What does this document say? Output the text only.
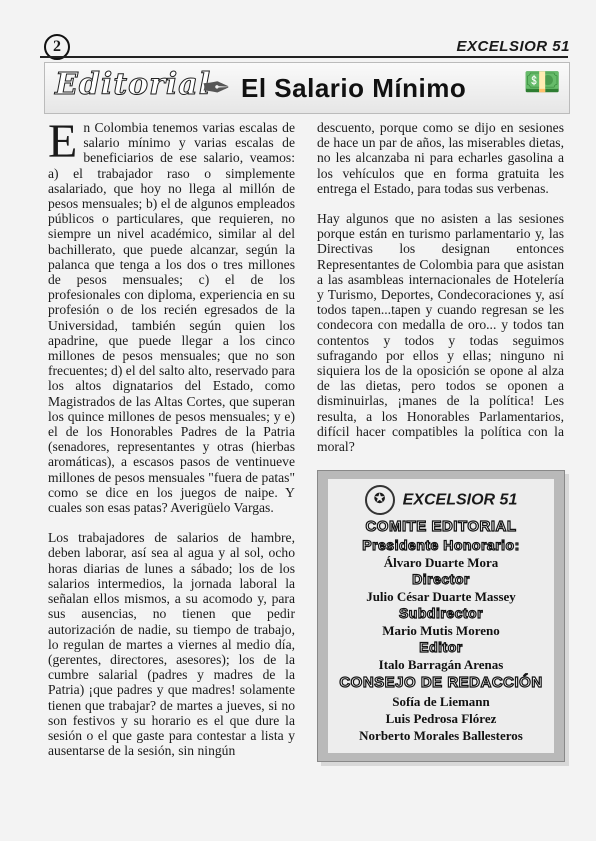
2	EXCELSIOR 51
Editorial
✒ El Salario Mínimo 💵

En Colombia tenemos varias escalas de salario mínimo y varias escalas de beneficiarios de ese salario, veamos: a) el trabajador raso o simplemente asalariado, que hoy no llega al millón de pesos mensuales; b) el de algunos empleados públicos o particulares, que requieren, no siempre un nivel académico, similar al del bachillerato, que puede alcanzar, según la palanca que tenga a los dos o tres millones de pesos mensuales; c) el de los profesionales con diploma, experiencia en su profesión o de los recién egresados de la Universidad, también según quien los apadrine, que puede llegar a los cinco millones de pesos mensuales; que no son frecuentes; d) el del salto alto, reservado para los altos dignatarios del Estado, como Magistrados de las Altas Cortes, que superan los quince millones de pesos mensuales; y e) el de los Honorables Padres de la Patria (senadores, representantes y otras (hierbas aromáticas), a escasos pasos de ventinueve millones de pesos mensuales "fuera de patas" como se dice en los juegos de naipe. Y cuales son esas patas? Averigüelo Vargas.

Los trabajadores de salarios de hambre, deben laborar, así sea al agua y al sol, ocho horas diarias de lunes a sábado; los de los salarios intermedios, la jornada laboral la señalan ellos mismos, a su acomodo y, para sus ausencias, no tienen que pedir autorización de nadie, su tiempo de trabajo, lo regulan de martes a viernes al medio día, (gerentes, directores, asesores); los de la cumbre salarial (padres y madres de la Patria) ¡que padres y que madres! solamente tienen que trabajar? de martes a jueves, si no son festivos y su horario es el que dure la sesión o el que gaste para contestar a lista y ausentarse de la sesión, sin ningún

descuento, porque como se dijo en sesiones de hace un par de años, las miserables dietas, no les alcanzaba ni para echarles gasolina a los vehículos que en forma gratuita les entrega el Estado, para todas sus verbenas.

Hay algunos que no asisten a las sesiones porque están en turismo parlamentario y, las Directivas los designan entonces Representantes de Colombia para que asistan a las asambleas internacionales de Hotelería y Turismo, Deportes, Condecoraciones y, así todos tapen...tapen y cuando regresan se les condecora con medalla de oro... y todos tan contentos y todos y todas seguimos sufragando por ellos y ellas; ninguno ni siquiera los de la oposición se opone al alza de las dietas, pero todos se oponen a disminuirlas, ¡manes de la política! Les resulta, a los Honorables Parlamentarios, difícil hacer compatibles la política con la moral?

✪ EXCELSIOR 51
COMITE EDITORIAL
Presidente Honorario:
Álvaro Duarte Mora
Director
Julio César Duarte Massey
Subdirector
Mario Mutis Moreno
Editor
Italo Barragán Arenas
CONSEJO DE REDACCIÓN
Sofía de Liemann
Luis Pedrosa Flórez
Norberto Morales Ballesteros
